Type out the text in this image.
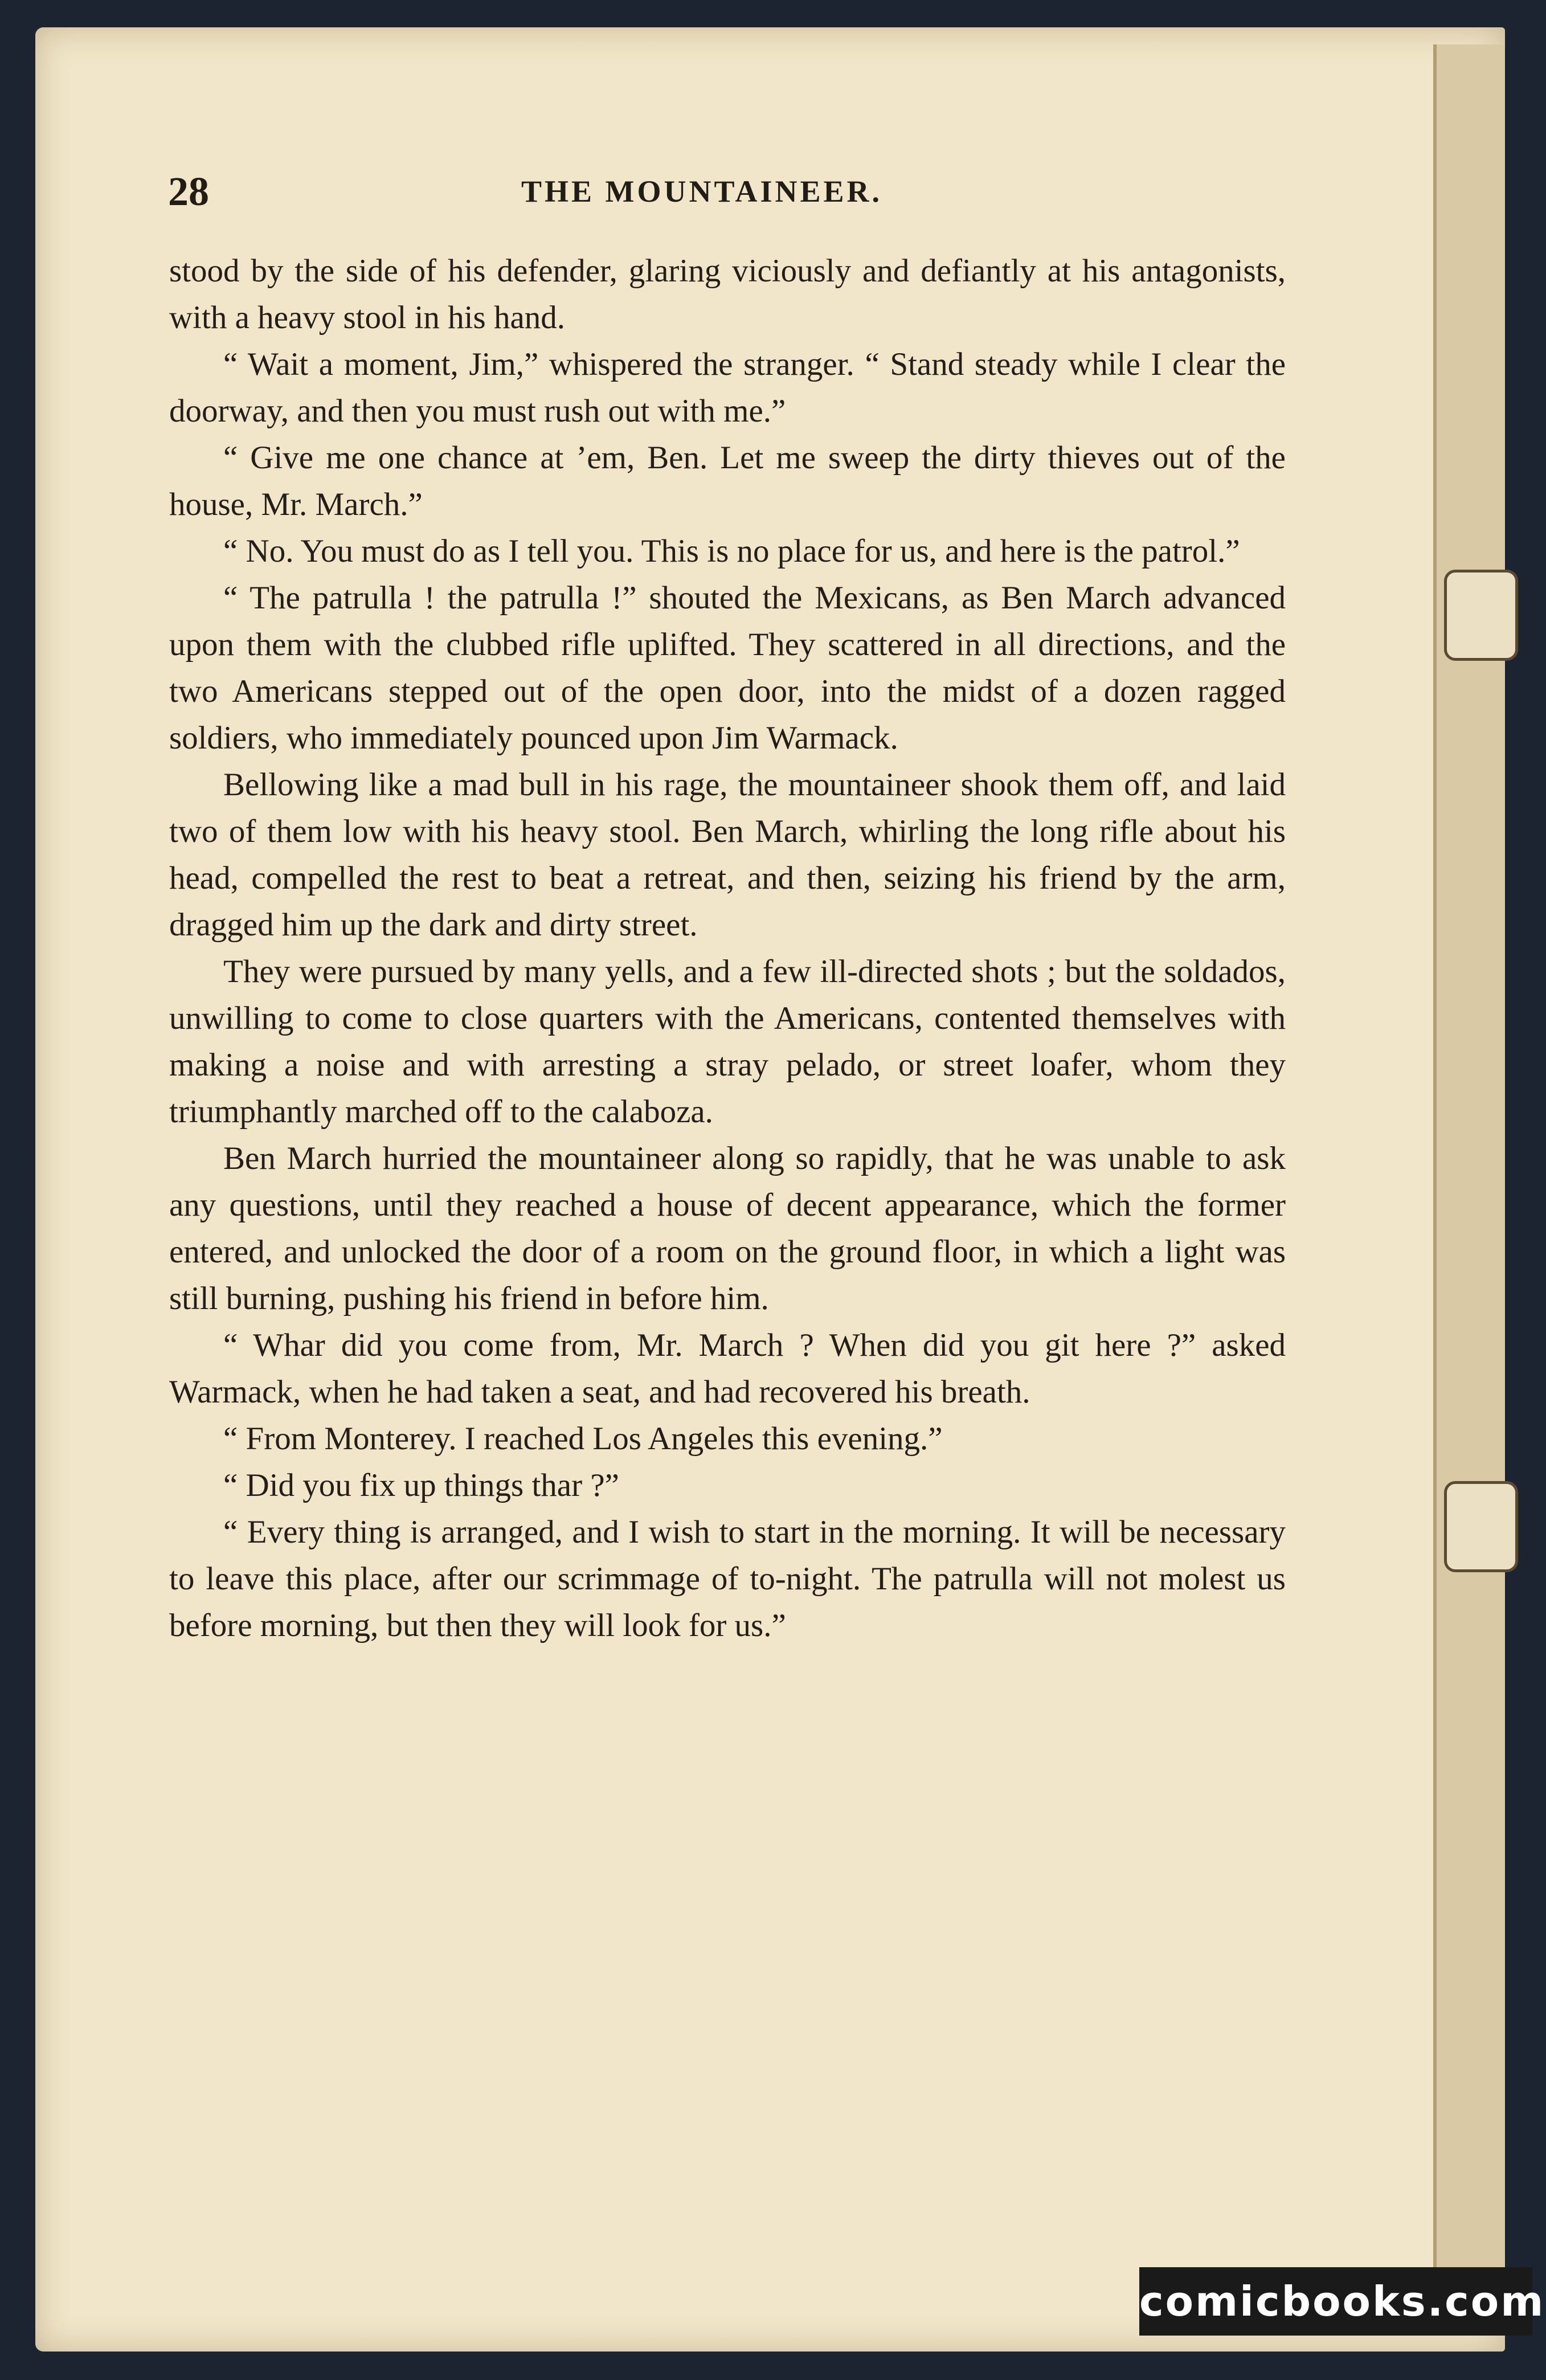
28	THE MOUNTAINEER.

stood by the side of his defender, glaring viciously and defiantly at his antagonists, with a heavy stool in his hand.

“ Wait a moment, Jim,” whispered the stranger. “ Stand steady while I clear the doorway, and then you must rush out with me.”

“ Give me one chance at ’em, Ben. Let me sweep the dirty thieves out of the house, Mr. March.”

“ No. You must do as I tell you. This is no place for us, and here is the patrol.”

“ The patrulla ! the patrulla !” shouted the Mexicans, as Ben March advanced upon them with the clubbed rifle uplifted. They scattered in all directions, and the two Americans stepped out of the open door, into the midst of a dozen ragged soldiers, who immediately pounced upon Jim Warmack.

Bellowing like a mad bull in his rage, the mountaineer shook them off, and laid two of them low with his heavy stool. Ben March, whirling the long rifle about his head, compelled the rest to beat a retreat, and then, seizing his friend by the arm, dragged him up the dark and dirty street.

They were pursued by many yells, and a few ill-directed shots ; but the soldados, unwilling to come to close quarters with the Americans, contented themselves with making a noise and with arresting a stray pelado, or street loafer, whom they triumphantly marched off to the calaboza.

Ben March hurried the mountaineer along so rapidly, that he was unable to ask any questions, until they reached a house of decent appearance, which the former entered, and unlocked the door of a room on the ground floor, in which a light was still burning, pushing his friend in before him.

“ Whar did you come from, Mr. March ? When did you git here ?” asked Warmack, when he had taken a seat, and had recovered his breath.

“ From Monterey. I reached Los Angeles this evening.”

“ Did you fix up things thar ?”

“ Every thing is arranged, and I wish to start in the morning. It will be necessary to leave this place, after our scrimmage of to-night. The patrulla will not molest us before morning, but then they will look for us.”

comicbooks.com
